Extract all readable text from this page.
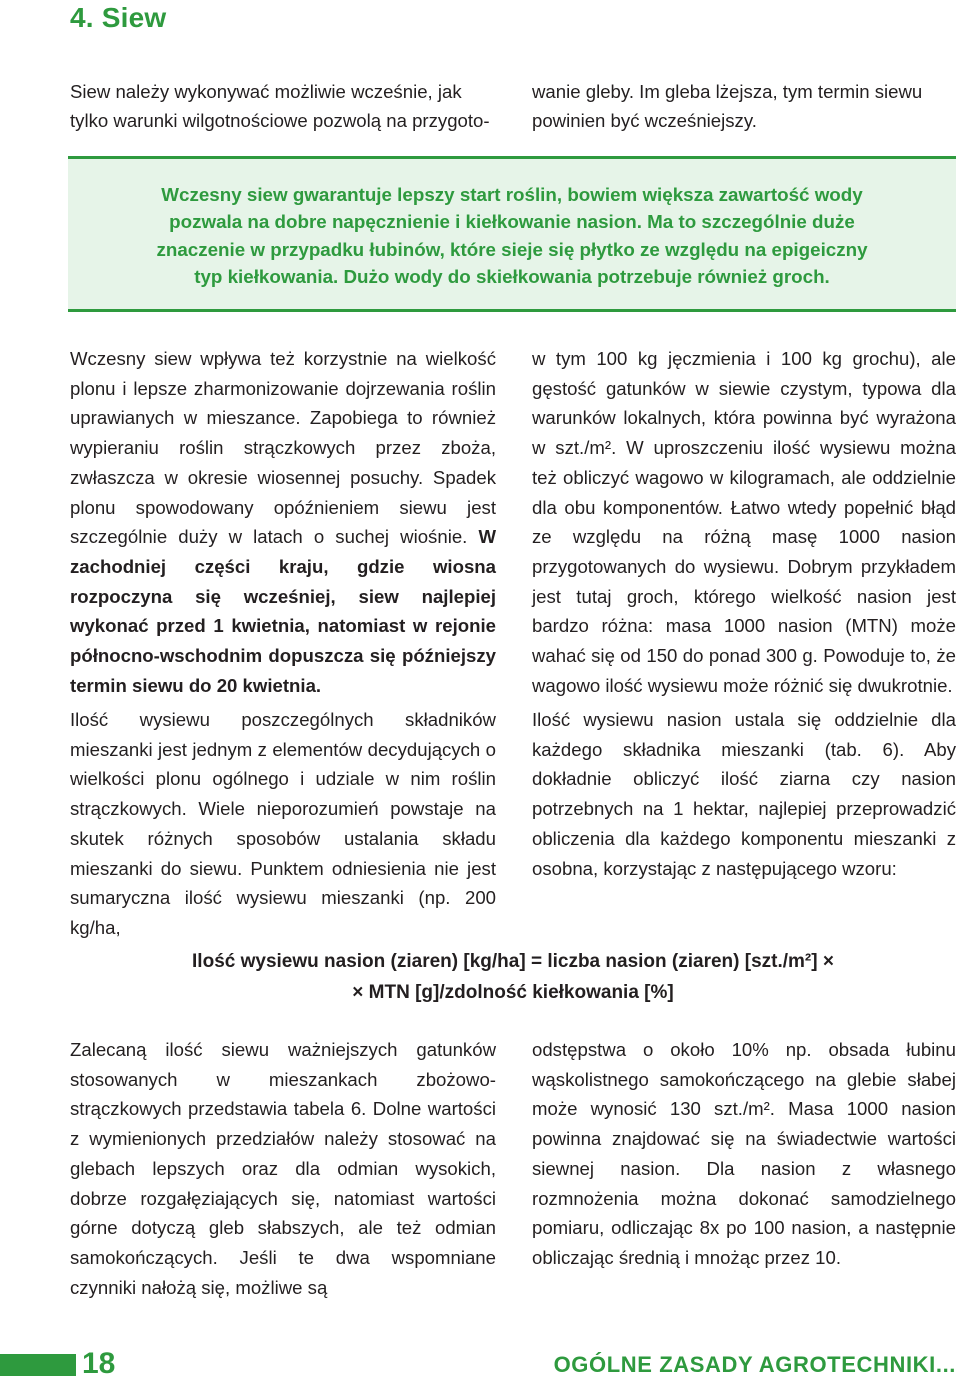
4. Siew

Siew należy wykonywać możliwie wcześnie, jak tylko warunki wilgotnościowe pozwolą na przygoto-

wanie gleby. Im gleba lżejsza, tym termin siewu powinien być wcześniejszy.

Wczesny siew gwarantuje lepszy start roślin, bowiem większa zawartość wody
pozwala na dobre napęcznienie i kiełkowanie nasion. Ma to szczególnie duże
znaczenie w przypadku łubinów, które sieje się płytko ze względu na epigeiczny
typ kiełkowania. Dużo wody do skiełkowania potrzebuje również groch.

Wczesny siew wpływa też korzystnie na wielkość plonu i lepsze zharmonizowanie dojrzewania roślin uprawianych w mieszance. Zapobiega to również wypieraniu roślin strączkowych przez zboża, zwłaszcza w okresie wiosennej posuchy. Spadek plonu spowodowany opóźnieniem siewu jest szczególnie duży w latach o suchej wiośnie. W zachodniej części kraju, gdzie wiosna rozpoczyna się wcześniej, siew najlepiej wykonać przed 1 kwietnia, natomiast w rejonie północno-wschodnim dopuszcza się późniejszy termin siewu do 20 kwietnia.

Ilość wysiewu poszczególnych składników mieszanki jest jednym z elementów decydujących o wielkości plonu ogólnego i udziale w nim roślin strączkowych. Wiele nieporozumień powstaje na skutek różnych sposobów ustalania składu mieszanki do siewu. Punktem odniesienia nie jest sumaryczna ilość wysiewu mieszanki (np. 200 kg/ha,

w tym 100 kg jęczmienia i 100 kg grochu), ale gęstość gatunków w siewie czystym, typowa dla warunków lokalnych, która powinna być wyrażona w szt./m². W uproszczeniu ilość wysiewu można też obliczyć wagowo w kilogramach, ale oddzielnie dla obu komponentów. Łatwo wtedy popełnić błąd ze względu na różną masę 1000 nasion przygotowanych do wysiewu. Dobrym przykładem jest tutaj groch, którego wielkość nasion jest bardzo różna: masa 1000 nasion (MTN) może wahać się od 150 do ponad 300 g. Powoduje to, że wagowo ilość wysiewu może różnić się dwukrotnie.

Ilość wysiewu nasion ustala się oddzielnie dla każdego składnika mieszanki (tab. 6). Aby dokładnie obliczyć ilość ziarna czy nasion potrzebnych na 1 hektar, najlepiej przeprowadzić obliczenia dla każdego komponentu mieszanki z osobna, korzystając z następującego wzoru:

Ilość wysiewu nasion (ziaren) [kg/ha] = liczba nasion (ziaren) [szt./m²] ×
× MTN [g]/zdolność kiełkowania [%]

Zalecaną ilość siewu ważniejszych gatunków stosowanych w mieszankach zbożowo-strączkowych przedstawia tabela 6. Dolne wartości z wymienionych przedziałów należy stosować na glebach lepszych oraz dla odmian wysokich, dobrze rozgałęziających się, natomiast wartości górne dotyczą gleb słabszych, ale też odmian samokończących. Jeśli te dwa wspomniane czynniki nałożą się, możliwe są

odstępstwa o około 10% np. obsada łubinu wąskolistnego samokończącego na glebie słabej może wynosić 130 szt./m². Masa 1000 nasion powinna znajdować się na świadectwie wartości siewnej nasion. Dla nasion z własnego rozmnożenia można dokonać samodzielnego pomiaru, odliczając 8x po 100 nasion, a następnie obliczając średnią i mnożąc przez 10.

18	OGÓLNE ZASADY AGROTECHNIKI...
